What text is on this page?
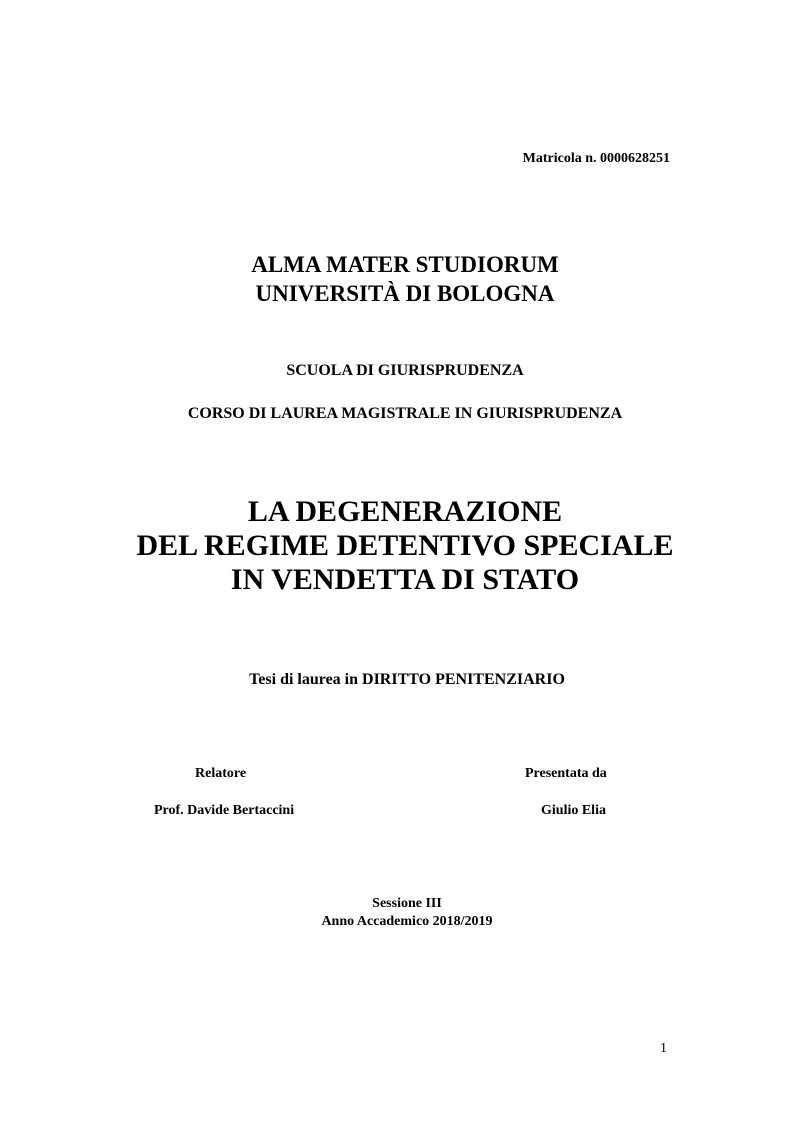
Matricola n. 0000628251
ALMA MATER STUDIORUM
UNIVERSITÀ DI BOLOGNA
SCUOLA DI GIURISPRUDENZA
CORSO DI LAUREA MAGISTRALE IN GIURISPRUDENZA
LA DEGENERAZIONE
DEL REGIME DETENTIVO SPECIALE
IN VENDETTA DI STATO
Tesi di laurea in DIRITTO PENITENZIARIO
Relatore
Prof. Davide Bertaccini
Presentata da
Giulio Elia
Sessione III
Anno Accademico 2018/2019
1
